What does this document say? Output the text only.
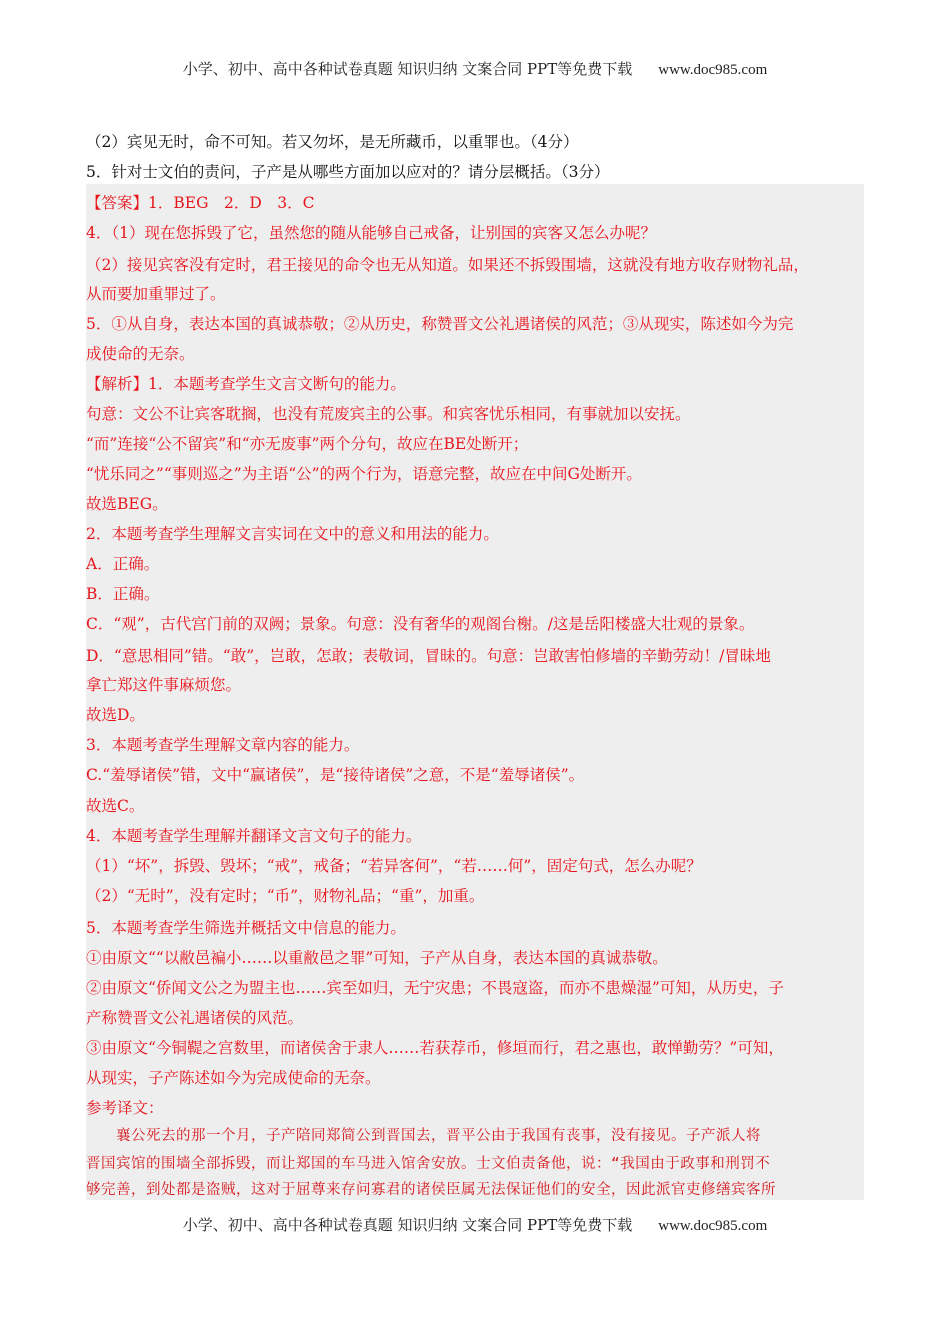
小学、初中、高中各种试卷真题 知识归纳 文案合同 PPT等免费下载 www.doc985.com
（2）宾见无时，命不可知。若又勿坏，是无所藏币，以重罪也。（4分）
5．针对士文伯的责问，子产是从哪些方面加以应对的？请分层概括。（3分）
【答案】1．BEG　2．D　3．C
4．（1）现在您拆毁了它，虽然您的随从能够自己戒备，让别国的宾客又怎么办呢？
（2）接见宾客没有定时，君王接见的命令也无从知道。如果还不拆毁围墙，这就没有地方收存财物礼品，
从而要加重罪过了。
5．①从自身，表达本国的真诚恭敬；②从历史，称赞晋文公礼遇诸侯的风范；③从现实，陈述如今为完
成使命的无奈。
【解析】1．本题考查学生文言文断句的能力。
句意：文公不让宾客耽搁，也没有荒废宾主的公事。和宾客忧乐相同，有事就加以安抚。
“而”连接“公不留宾”和“亦无废事”两个分句，故应在BE处断开；
“忧乐同之”“事则巡之”为主语“公”的两个行为，语意完整，故应在中间G处断开。
故选BEG。
2．本题考查学生理解文言实词在文中的意义和用法的能力。
A．正确。
B．正确。
C．“观”，古代宫门前的双阙；景象。句意：没有奢华的观阁台榭。/这是岳阳楼盛大壮观的景象。
D．“意思相同”错。“敢”，岂敢，怎敢；表敬词，冒昧的。句意：岂敢害怕修墙的辛勤劳动！/冒昧地
拿亡郑这件事麻烦您。
故选D。
3．本题考查学生理解文章内容的能力。
C.“羞辱诸侯”错，文中“赢诸侯”，是“接待诸侯”之意，不是“羞辱诸侯”。
故选C。
4．本题考查学生理解并翻译文言文句子的能力。
（1）“坏”，拆毁、毁坏；“戒”，戒备；“若异客何”，“若……何”，固定句式，怎么办呢？
（2）“无时”，没有定时；“币”，财物礼品；“重”，加重。
5．本题考查学生筛选并概括文中信息的能力。
①由原文““以敝邑褊小……以重敝邑之罪”可知，子产从自身，表达本国的真诚恭敬。
②由原文“侨闻文公之为盟主也……宾至如归，无宁灾患；不畏寇盗，而亦不患燥湿”可知，从历史，子
产称赞晋文公礼遇诸侯的风范。
③由原文“今铜鞮之宫数里，而诸侯舍于隶人……若获荐币，修垣而行，君之惠也，敢惮勤劳？”可知，
从现实，子产陈述如今为完成使命的无奈。
参考译文：
　　襄公死去的那一个月，子产陪同郑简公到晋国去，晋平公由于我国有丧事，没有接见。子产派人将
晋国宾馆的围墙全部拆毁，而让郑国的车马进入馆舍安放。士文伯责备他，说：“我国由于政事和刑罚不
够完善，到处都是盗贼，这对于屈尊来存问寡君的诸侯臣属无法保证他们的安全，因此派官吏修缮宾客所
小学、初中、高中各种试卷真题 知识归纳 文案合同 PPT等免费下载 www.doc985.com
